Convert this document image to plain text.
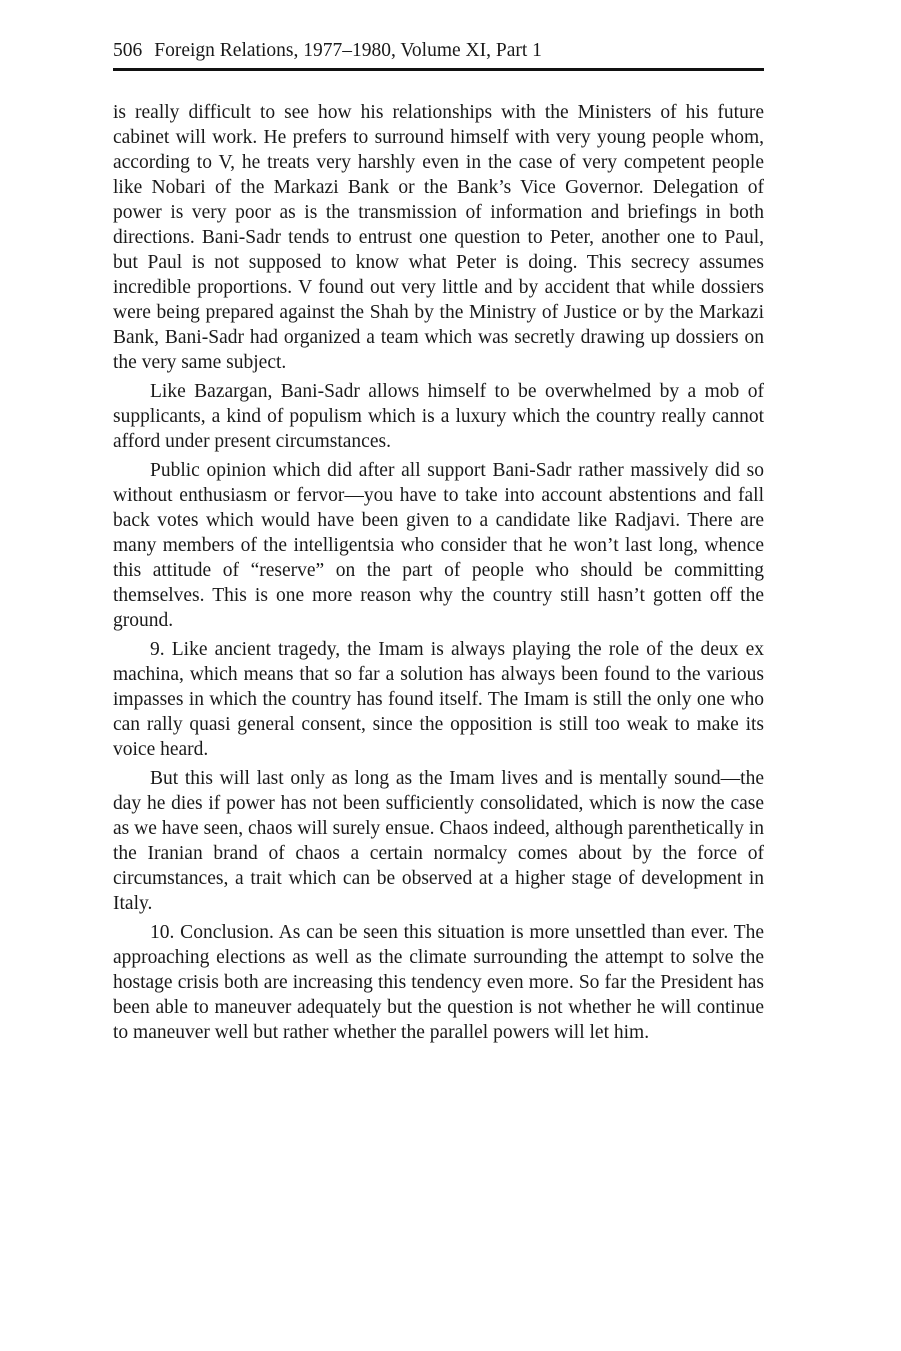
506 Foreign Relations, 1977–1980, Volume XI, Part 1

is really difficult to see how his relationships with the Ministers of his future cabinet will work. He prefers to surround himself with very young people whom, according to V, he treats very harshly even in the case of very competent people like Nobari of the Markazi Bank or the Bank’s Vice Governor. Delegation of power is very poor as is the transmission of information and briefings in both directions. Bani-Sadr tends to entrust one question to Peter, another one to Paul, but Paul is not supposed to know what Peter is doing. This secrecy assumes incredible proportions. V found out very little and by accident that while dossiers were being prepared against the Shah by the Ministry of Justice or by the Markazi Bank, Bani-Sadr had organized a team which was secretly drawing up dossiers on the very same subject.

Like Bazargan, Bani-Sadr allows himself to be overwhelmed by a mob of supplicants, a kind of populism which is a luxury which the country really cannot afford under present circumstances.

Public opinion which did after all support Bani-Sadr rather massively did so without enthusiasm or fervor—you have to take into account abstentions and fall back votes which would have been given to a candidate like Radjavi. There are many members of the intelligentsia who consider that he won’t last long, whence this attitude of “reserve” on the part of people who should be committing themselves. This is one more reason why the country still hasn’t gotten off the ground.

9. Like ancient tragedy, the Imam is always playing the role of the deux ex machina, which means that so far a solution has always been found to the various impasses in which the country has found itself. The Imam is still the only one who can rally quasi general consent, since the opposition is still too weak to make its voice heard.

But this will last only as long as the Imam lives and is mentally sound—the day he dies if power has not been sufficiently consolidated, which is now the case as we have seen, chaos will surely ensue. Chaos indeed, although parenthetically in the Iranian brand of chaos a certain normalcy comes about by the force of circumstances, a trait which can be observed at a higher stage of development in Italy.

10. Conclusion. As can be seen this situation is more unsettled than ever. The approaching elections as well as the climate surrounding the attempt to solve the hostage crisis both are increasing this tendency even more. So far the President has been able to maneuver adequately but the question is not whether he will continue to maneuver well but rather whether the parallel powers will let him.
